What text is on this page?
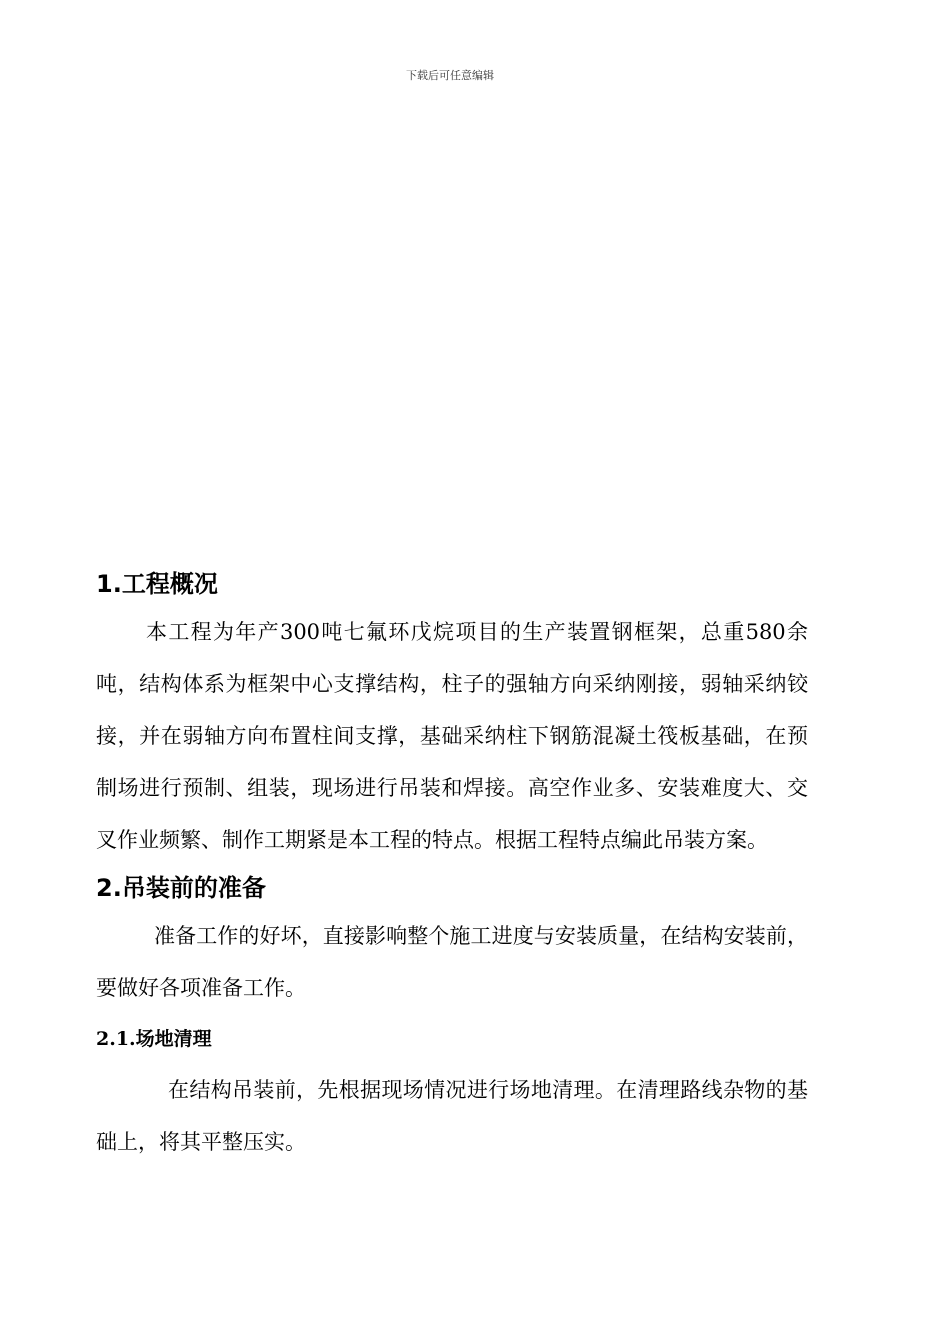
下载后可任意编辑
1.工程概况

本工程为年产300吨七氟环戊烷项目的生产装置钢框架，总重580余吨，结构体系为框架中心支撑结构，柱子的强轴方向采纳刚接，弱轴采纳铰接，并在弱轴方向布置柱间支撑，基础采纳柱下钢筋混凝土筏板基础，在预制场进行预制、组装，现场进行吊装和焊接。高空作业多、安装难度大、交叉作业频繁、制作工期紧是本工程的特点。根据工程特点编此吊装方案。

2.吊装前的准备

准备工作的好坏，直接影响整个施工进度与安装质量，在结构安装前，要做好各项准备工作。

2.1.场地清理

在结构吊装前，先根据现场情况进行场地清理。在清理路线杂物的基础上，将其平整压实。
